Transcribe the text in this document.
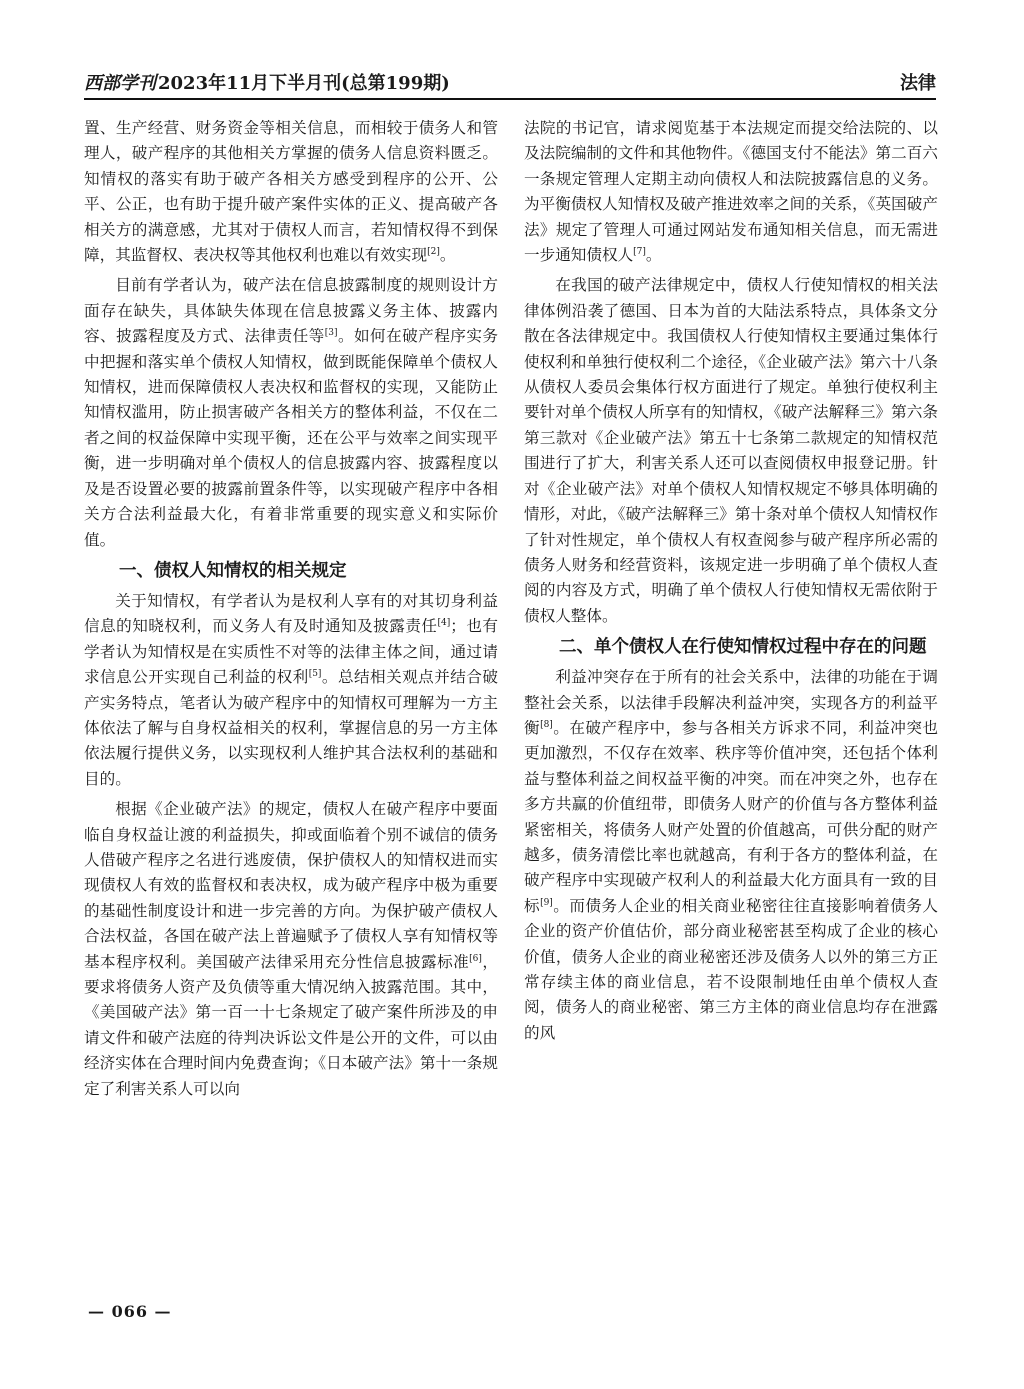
西部学刊 2023年11月下半月刊(总第199期)	法律

置、生产经营、财务资金等相关信息，而相较于债务人和管理人，破产程序的其他相关方掌握的债务人信息资料匮乏。知情权的落实有助于破产各相关方感受到程序的公开、公平、公正，也有助于提升破产案件实体的正义、提高破产各相关方的满意感，尤其对于债权人而言，若知情权得不到保障，其监督权、表决权等其他权利也难以有效实现[2]。

目前有学者认为，破产法在信息披露制度的规则设计方面存在缺失，具体缺失体现在信息披露义务主体、披露内容、披露程度及方式、法律责任等[3]。如何在破产程序实务中把握和落实单个债权人知情权，做到既能保障单个债权人知情权，进而保障债权人表决权和监督权的实现，又能防止知情权滥用，防止损害破产各相关方的整体利益，不仅在二者之间的权益保障中实现平衡，还在公平与效率之间实现平衡，进一步明确对单个债权人的信息披露内容、披露程度以及是否设置必要的披露前置条件等，以实现破产程序中各相关方合法利益最大化，有着非常重要的现实意义和实际价值。

一、债权人知情权的相关规定

关于知情权，有学者认为是权利人享有的对其切身利益信息的知晓权利，而义务人有及时通知及披露责任[4]；也有学者认为知情权是在实质性不对等的法律主体之间，通过请求信息公开实现自己利益的权利[5]。总结相关观点并结合破产实务特点，笔者认为破产程序中的知情权可理解为一方主体依法了解与自身权益相关的权利，掌握信息的另一方主体依法履行提供义务，以实现权利人维护其合法权利的基础和目的。

根据《企业破产法》的规定，债权人在破产程序中要面临自身权益让渡的利益损失，抑或面临着个别不诚信的债务人借破产程序之名进行逃废债，保护债权人的知情权进而实现债权人有效的监督权和表决权，成为破产程序中极为重要的基础性制度设计和进一步完善的方向。为保护破产债权人合法权益，各国在破产法上普遍赋予了债权人享有知情权等基本程序权利。美国破产法律采用充分性信息披露标准[6]，要求将债务人资产及负债等重大情况纳入披露范围。其中，《美国破产法》第一百一十七条规定了破产案件所涉及的申请文件和破产法庭的待判决诉讼文件是公开的文件，可以由经济实体在合理时间内免费查询；《日本破产法》第十一条规定了利害关系人可以向

法院的书记官，请求阅览基于本法规定而提交给法院的、以及法院编制的文件和其他物件。《德国支付不能法》第二百六一条规定管理人定期主动向债权人和法院披露信息的义务。为平衡债权人知情权及破产推进效率之间的关系，《英国破产法》规定了管理人可通过网站发布通知相关信息，而无需进一步通知债权人[7]。

在我国的破产法律规定中，债权人行使知情权的相关法律体例沿袭了德国、日本为首的大陆法系特点，具体条文分散在各法律规定中。我国债权人行使知情权主要通过集体行使权利和单独行使权利二个途径，《企业破产法》第六十八条从债权人委员会集体行权方面进行了规定。单独行使权利主要针对单个债权人所享有的知情权，《破产法解释三》第六条第三款对《企业破产法》第五十七条第二款规定的知情权范围进行了扩大，利害关系人还可以查阅债权申报登记册。针对《企业破产法》对单个债权人知情权规定不够具体明确的情形，对此，《破产法解释三》第十条对单个债权人知情权作了针对性规定，单个债权人有权查阅参与破产程序所必需的债务人财务和经营资料，该规定进一步明确了单个债权人查阅的内容及方式，明确了单个债权人行使知情权无需依附于债权人整体。

二、单个债权人在行使知情权过程中存在的问题

利益冲突存在于所有的社会关系中，法律的功能在于调整社会关系，以法律手段解决利益冲突，实现各方的利益平衡[8]。在破产程序中，参与各相关方诉求不同，利益冲突也更加激烈，不仅存在效率、秩序等价值冲突，还包括个体利益与整体利益之间权益平衡的冲突。而在冲突之外，也存在多方共赢的价值纽带，即债务人财产的价值与各方整体利益紧密相关，将债务人财产处置的价值越高，可供分配的财产越多，债务清偿比率也就越高，有利于各方的整体利益，在破产程序中实现破产权利人的利益最大化方面具有一致的目标[9]。而债务人企业的相关商业秘密往往直接影响着债务人企业的资产价值估价，部分商业秘密甚至构成了企业的核心价值，债务人企业的商业秘密还涉及债务人以外的第三方正常存续主体的商业信息，若不设限制地任由单个债权人查阅，债务人的商业秘密、第三方主体的商业信息均存在泄露的风

— 066 —
